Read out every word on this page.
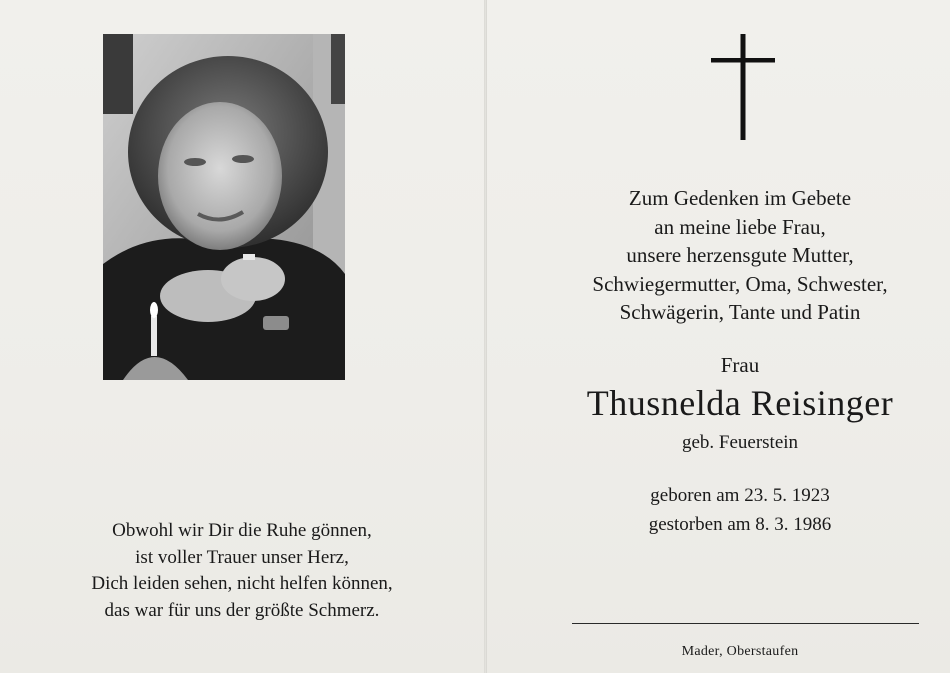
Obwohl wir Dir die Ruhe gönnen,
ist voller Trauer unser Herz,
Dich leiden sehen, nicht helfen können,
das war für uns der größte Schmerz.
Zum Gedenken im Gebete
an meine liebe Frau,
unsere herzensgute Mutter,
Schwiegermutter, Oma, Schwester,
Schwägerin, Tante und Patin
Frau
Thusnelda Reisinger
geb. Feuerstein
geboren am 23. 5. 1923
gestorben am 8. 3. 1986
Mader, Oberstaufen
